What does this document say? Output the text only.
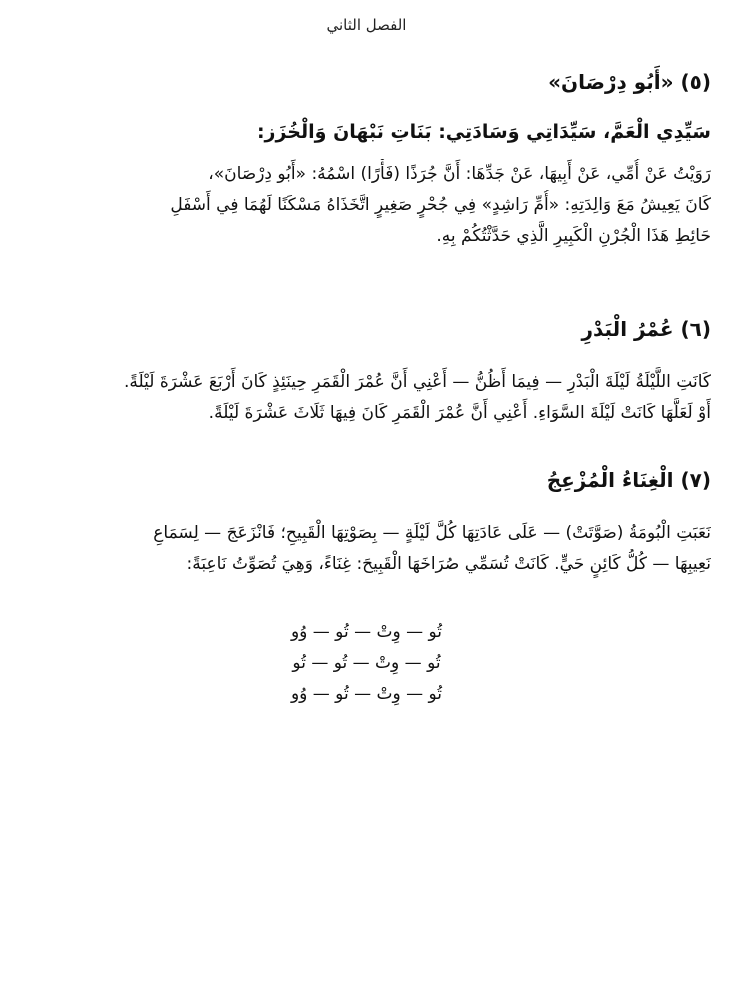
الفصل الثاني
(٥) «أَبُو دِرْصَانَ»
سَيِّدِي الْعَمَّ، سَيِّدَاتِي وَسَادَتِي: بَنَاتِ نَبْهَانَ وَالْخُزَز:
رَوَيْتُ عَنْ أُمِّي، عَنْ أَبِيهَا، عَنْ جَدِّهَا: أَنَّ جُرَذًا (فَأْرًا) اسْمُهُ: «أَبُو دِرْصَانَ»،
كَانَ يَعِيشُ مَعَ وَالِدَتِهِ: «أُمِّ رَاشِدٍ» فِي جُحْرٍ صَغِيرٍ اتَّخَذَاهُ مَسْكَنًا لَهُمَا فِي أَسْفَلِ
حَائِطِ هَذَا الْجُرْنِ الْكَبِيرِ الَّذِي حَدَّثْتُكُمْ بِهِ.
(٦) عُمْرُ الْبَدْرِ
كَانَتِ اللَّيْلَةُ لَيْلَةَ الْبَدْرِ — فِيمَا أَظُنُّ — أَعْنِي أَنَّ عُمْرَ الْقَمَرِ حِينَئِذٍ كَانَ أَرْبَعَ عَشْرَةَ لَيْلَةً.
أَوْ لَعَلَّهَا كَانَتْ لَيْلَةَ السَّوَاءِ. أَعْنِي أَنَّ عُمْرَ الْقَمَرِ كَانَ فِيهَا ثَلَاثَ عَشْرَةَ لَيْلَةً.
(٧) الْغِنَاءُ الْمُزْعِجُ
نَعَبَتِ الْبُومَةُ (صَوَّتَتْ) — عَلَى عَادَتِهَا كُلَّ لَيْلَةٍ — بِصَوْتِهَا الْقَبِيحِ؛ فَانْزَعَجَ — لِسَمَاعِ
نَعِيبِهَا — كُلُّ كَائِنٍ حَيٍّ. كَانَتْ تُسَمِّي صُرَاخَهَا الْقَبِيحَ: غِنَاءً، وَهِيَ تُصَوِّتُ نَاعِبَةً:
تُو — وِتْ — تُو — وُو
تُو — وِتْ — تُو — تُو
تُو — وِتْ — تُو — وُو
